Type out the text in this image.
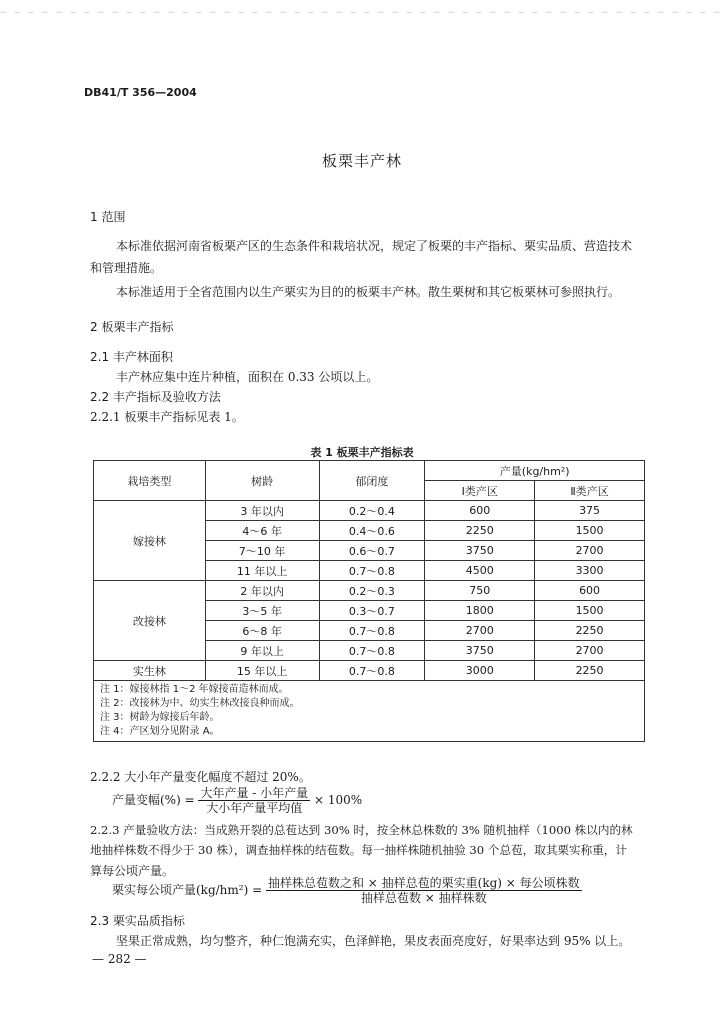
DB41/T 356—2004
板栗丰产林
1 范围
本标准依据河南省板栗产区的生态条件和栽培状况，规定了板栗的丰产指标、栗实品质、营造技术
和管理措施。
本标准适用于全省范围内以生产栗实为目的的板栗丰产林。散生栗树和其它板栗林可参照执行。
2 板栗丰产指标
2.1 丰产林面积
丰产林应集中连片种植，面积在 0.33 公顷以上。
2.2 丰产指标及验收方法
2.2.1 板栗丰产指标见表 1。
表 1 板栗丰产指标表
栽培类型	树龄	郁闭度	产量(kg/hm²)	
			Ⅰ类产区	Ⅱ类产区
嫁接林	3 年以内	0.2～0.4	600	375
	4～6 年	0.4～0.6	2250	1500
	7～10 年	0.6～0.7	3750	2700
	11 年以上	0.7～0.8	4500	3300
改接林	2 年以内	0.2～0.3	750	600
	3～5 年	0.3～0.7	1800	1500
	6～8 年	0.7～0.8	2700	2250
	9 年以上	0.7～0.8	3750	2700
实生林	15 年以上	0.7～0.8	3000	2250

注 1：嫁接林指 1～2 年嫁接苗造林而成。
注 2：改接林为中、幼实生林改接良种而成。
注 3：树龄为嫁接后年龄。
注 4：产区划分见附录 A。				
2.2.2 大小年产量变化幅度不超过 20%。
产量变幅(%) = $\frac{\text{大年产量 - 小年产量}}{\text{大小年产量平均值}} \times 100\%$
2.2.3 产量验收方法：当成熟开裂的总苞达到 30% 时，按全林总株数的 3% 随机抽样（1000 株以内的林
地抽样株数不得少于 30 株），调查抽样株的结苞数。每一抽样株随机抽验 30 个总苞，取其栗实称重，计
算每公顷产量。
栗实每公顷产量$(kg/hm^2) = \frac{\text{抽样株总苞数之和 × 抽样总苞的栗实重(kg) × 每公顷株数}}{\text{抽样总苞数 × 抽样株数}}$
2.3 栗实品质指标
坚果正常成熟，均匀整齐，种仁饱满充实，色泽鲜艳，果皮表面亮度好，好果率达到 95% 以上。
— 282 —
